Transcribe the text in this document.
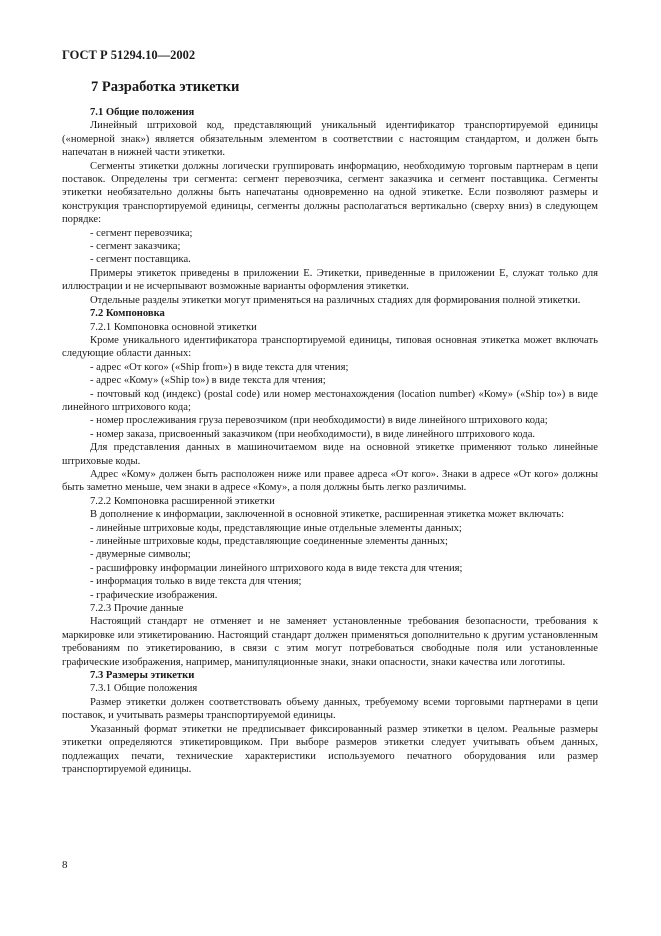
ГОСТ Р 51294.10—2002
7 Разработка этикетки

7.1 Общие положения

Линейный штриховой код, представляющий уникальный идентификатор транспортируемой единицы («номерной знак») является обязательным элементом в соответствии с настоящим стандартом, и должен быть напечатан в нижней части этикетки.

Сегменты этикетки должны логически группировать информацию, необходимую торговым партнерам в цепи поставок. Определены три сегмента: сегмент перевозчика, сегмент заказчика и сегмент поставщика. Сегменты этикетки необязательно должны быть напечатаны одновременно на одной этикетке. Если позволяют размеры и конструкция транспортируемой единицы, сегменты должны располагаться вертикально (сверху вниз) в следующем порядке:

- сегмент перевозчика;

- сегмент заказчика;

- сегмент поставщика.

Примеры этикеток приведены в приложении Е. Этикетки, приведенные в приложении Е, служат только для иллюстрации и не исчерпывают возможные варианты оформления этикетки.

Отдельные разделы этикетки могут применяться на различных стадиях для формирования полной этикетки.

7.2 Компоновка

7.2.1 Компоновка основной этикетки

Кроме уникального идентификатора транспортируемой единицы, типовая основная этикетка может включать следующие области данных:

- адрес «От кого» («Ship from») в виде текста для чтения;

- адрес «Кому» («Ship to») в виде текста для чтения;

- почтовый код (индекс) (postal code) или номер местонахождения (location number) «Кому» («Ship to») в виде линейного штрихового кода;

- номер прослеживания груза перевозчиком (при необходимости) в виде линейного штрихового кода;

- номер заказа, присвоенный заказчиком (при необходимости), в виде линейного штрихового кода.

Для представления данных в машиночитаемом виде на основной этикетке применяют только линейные штриховые коды.

Адрес «Кому» должен быть расположен ниже или правее адреса «От кого». Знаки в адресе «От кого» должны быть заметно меньше, чем знаки в адресе «Кому», а поля должны быть легко различимы.

7.2.2 Компоновка расширенной этикетки

В дополнение к информации, заключенной в основной этикетке, расширенная этикетка может включать:

- линейные штриховые коды, представляющие иные отдельные элементы данных;

- линейные штриховые коды, представляющие соединенные элементы данных;

- двумерные символы;

- расшифровку информации линейного штрихового кода в виде текста для чтения;

- информация только в виде текста для чтения;

- графические изображения.

7.2.3 Прочие данные

Настоящий стандарт не отменяет и не заменяет установленные требования безопасности, требования к маркировке или этикетированию. Настоящий стандарт должен применяться дополнительно к другим установленным требованиям по этикетированию, в связи с этим могут потребоваться свободные поля или установленные графические изображения, например, манипуляционные знаки, знаки опасности, знаки качества или логотипы.

7.3 Размеры этикетки

7.3.1 Общие положения

Размер этикетки должен соответствовать объему данных, требуемому всеми торговыми партнерами в цепи поставок, и учитывать размеры транспортируемой единицы.

Указанный формат этикетки не предписывает фиксированный размер этикетки в целом. Реальные размеры этикетки определяются этикетировщиком. При выборе размеров этикетки следует учитывать объем данных, подлежащих печати, технические характеристики используемого печатного оборудования или размер транспортируемой единицы.

8
